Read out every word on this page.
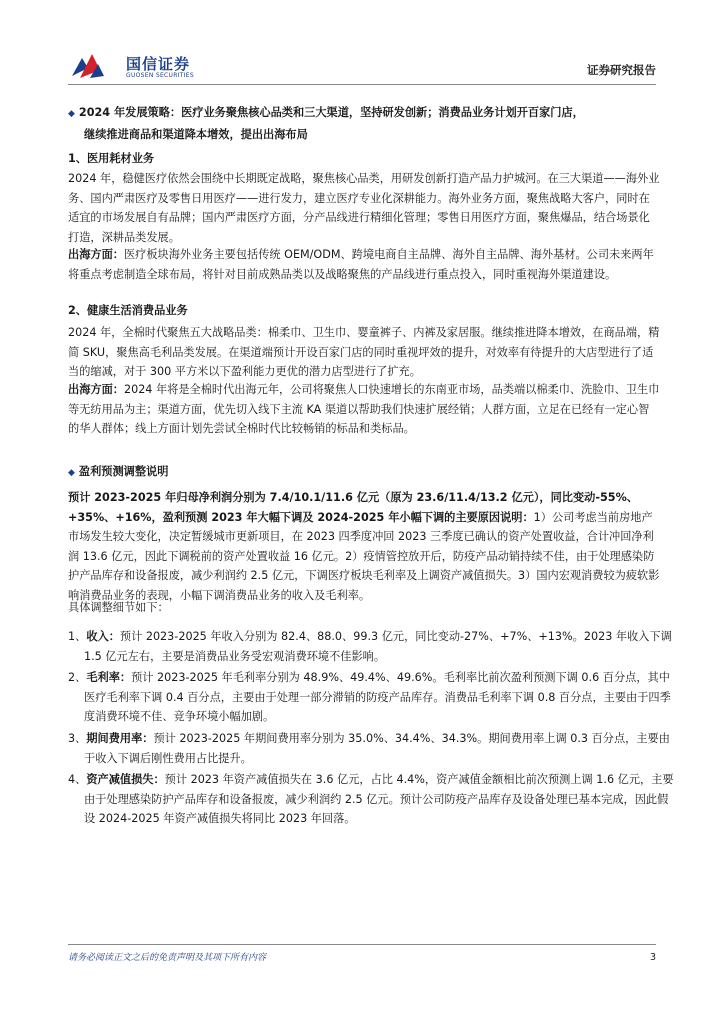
国信证券
GUOSEN SECURITIES	证券研究报告
◆ 2024 年发展策略：医疗业务聚焦核心品类和三大渠道，坚持研发创新；消费品业务计划开百家门店，
继续推进商品和渠道降本增效，提出出海布局
1、医用耗材业务

2024 年，稳健医疗依然会围绕中长期既定战略，聚焦核心品类，用研发创新打造产品力护城河。在三大渠道——海外业务、国内严肃医疗及零售日用医疗——进行发力，建立医疗专业化深耕能力。海外业务方面，聚焦战略大客户，同时在适宜的市场发展自有品牌；国内严肃医疗方面，分产品线进行精细化管理；零售日用医疗方面，聚焦爆品，结合场景化打造，深耕品类发展。

出海方面：医疗板块海外业务主要包括传统 OEM/ODM、跨境电商自主品牌、海外自主品牌、海外基材。公司未来两年将重点考虑制造全球布局，将针对目前成熟品类以及战略聚焦的产品线进行重点投入，同时重视海外渠道建设。

2、健康生活消费品业务

2024 年，全棉时代聚焦五大战略品类：棉柔巾、卫生巾、婴童裤子、内裤及家居服。继续推进降本增效，在商品端，精简 SKU，聚焦高毛利品类发展。在渠道端预计开设百家门店的同时重视坪效的提升，对效率有待提升的大店型进行了适当的缩减，对于 300 平方米以下盈利能力更优的潜力店型进行了扩充。

出海方面：2024 年将是全棉时代出海元年，公司将聚焦人口快速增长的东南亚市场，品类端以棉柔巾、洗脸巾、卫生巾等无纺用品为主；渠道方面，优先切入线下主流 KA 渠道以帮助我们快速扩展经销；人群方面，立足在已经有一定心智的华人群体；线上方面计划先尝试全棉时代比较畅销的标品和类标品。

◆ 盈利预测调整说明

预计 2023-2025 年归母净利润分别为 7.4/10.1/11.6 亿元（原为 23.6/11.4/13.2 亿元），同比变动-55%、+35%、+16%，盈利预测 2023 年大幅下调及 2024-2025 年小幅下调的主要原因说明：1）公司考虑当前房地产市场发生较大变化，决定暂缓城市更新项目，在 2023 四季度冲回 2023 三季度已确认的资产处置收益，合计冲回净利润 13.6 亿元，因此下调税前的资产处置收益 16 亿元。2）疫情管控放开后，防疫产品动销持续不佳，由于处理感染防护产品库存和设备报废，减少利润约 2.5 亿元，下调医疗板块毛利率及上调资产减值损失。3）国内宏观消费较为疲软影响消费品业务的表现，小幅下调消费品业务的收入及毛利率。

具体调整细节如下：

1、收入：预计 2023-2025 年收入分别为 82.4、88.0、99.3 亿元，同比变动-27%、+7%、+13%。2023 年收入下调 1.5 亿元左右，主要是消费品业务受宏观消费环境不佳影响。

2、毛利率：预计 2023-2025 年毛利率分别为 48.9%、49.4%、49.6%。毛利率比前次盈利预测下调 0.6 百分点，其中医疗毛利率下调 0.4 百分点，主要由于处理一部分滞销的防疫产品库存。消费品毛利率下调 0.8 百分点，主要由于四季度消费环境不佳、竞争环境小幅加剧。

3、期间费用率：预计 2023-2025 年期间费用率分别为 35.0%、34.4%、34.3%。期间费用率上调 0.3 百分点，主要由于收入下调后刚性费用占比提升。

4、资产减值损失：预计 2023 年资产减值损失在 3.6 亿元，占比 4.4%，资产减值金额相比前次预测上调 1.6 亿元，主要由于处理感染防护产品库存和设备报废，减少利润约 2.5 亿元。预计公司防疫产品库存及设备处理已基本完成，因此假设 2024-2025 年资产减值损失将同比 2023 年回落。

请务必阅读正文之后的免责声明及其项下所有内容	3
